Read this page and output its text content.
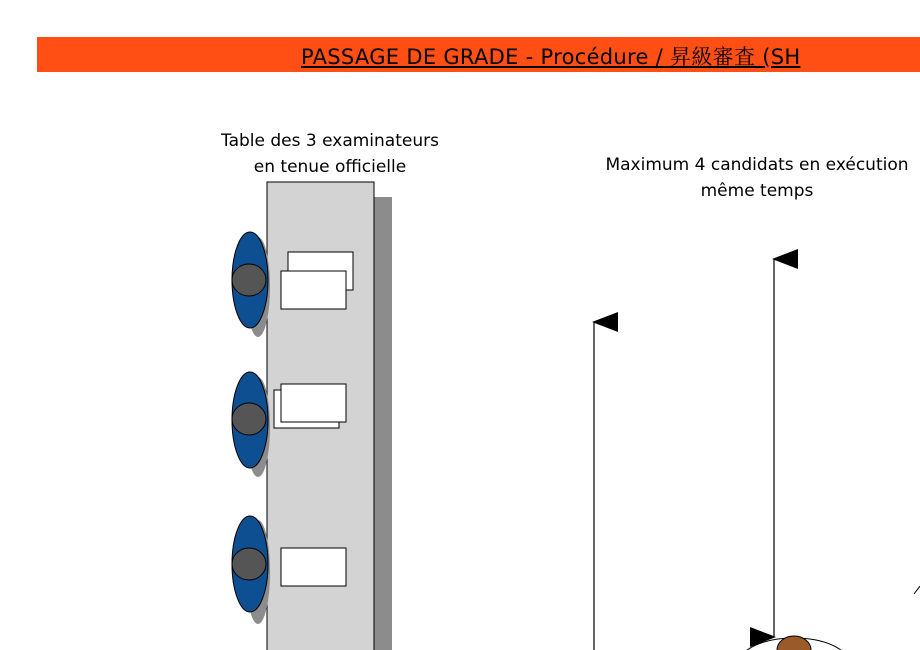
PASSAGE DE GRADE - Procédure / 昇級審査 (SH
Table des 3 examinateurs
en tenue officielle	Maximum 4 candidats en exécution
même temps
